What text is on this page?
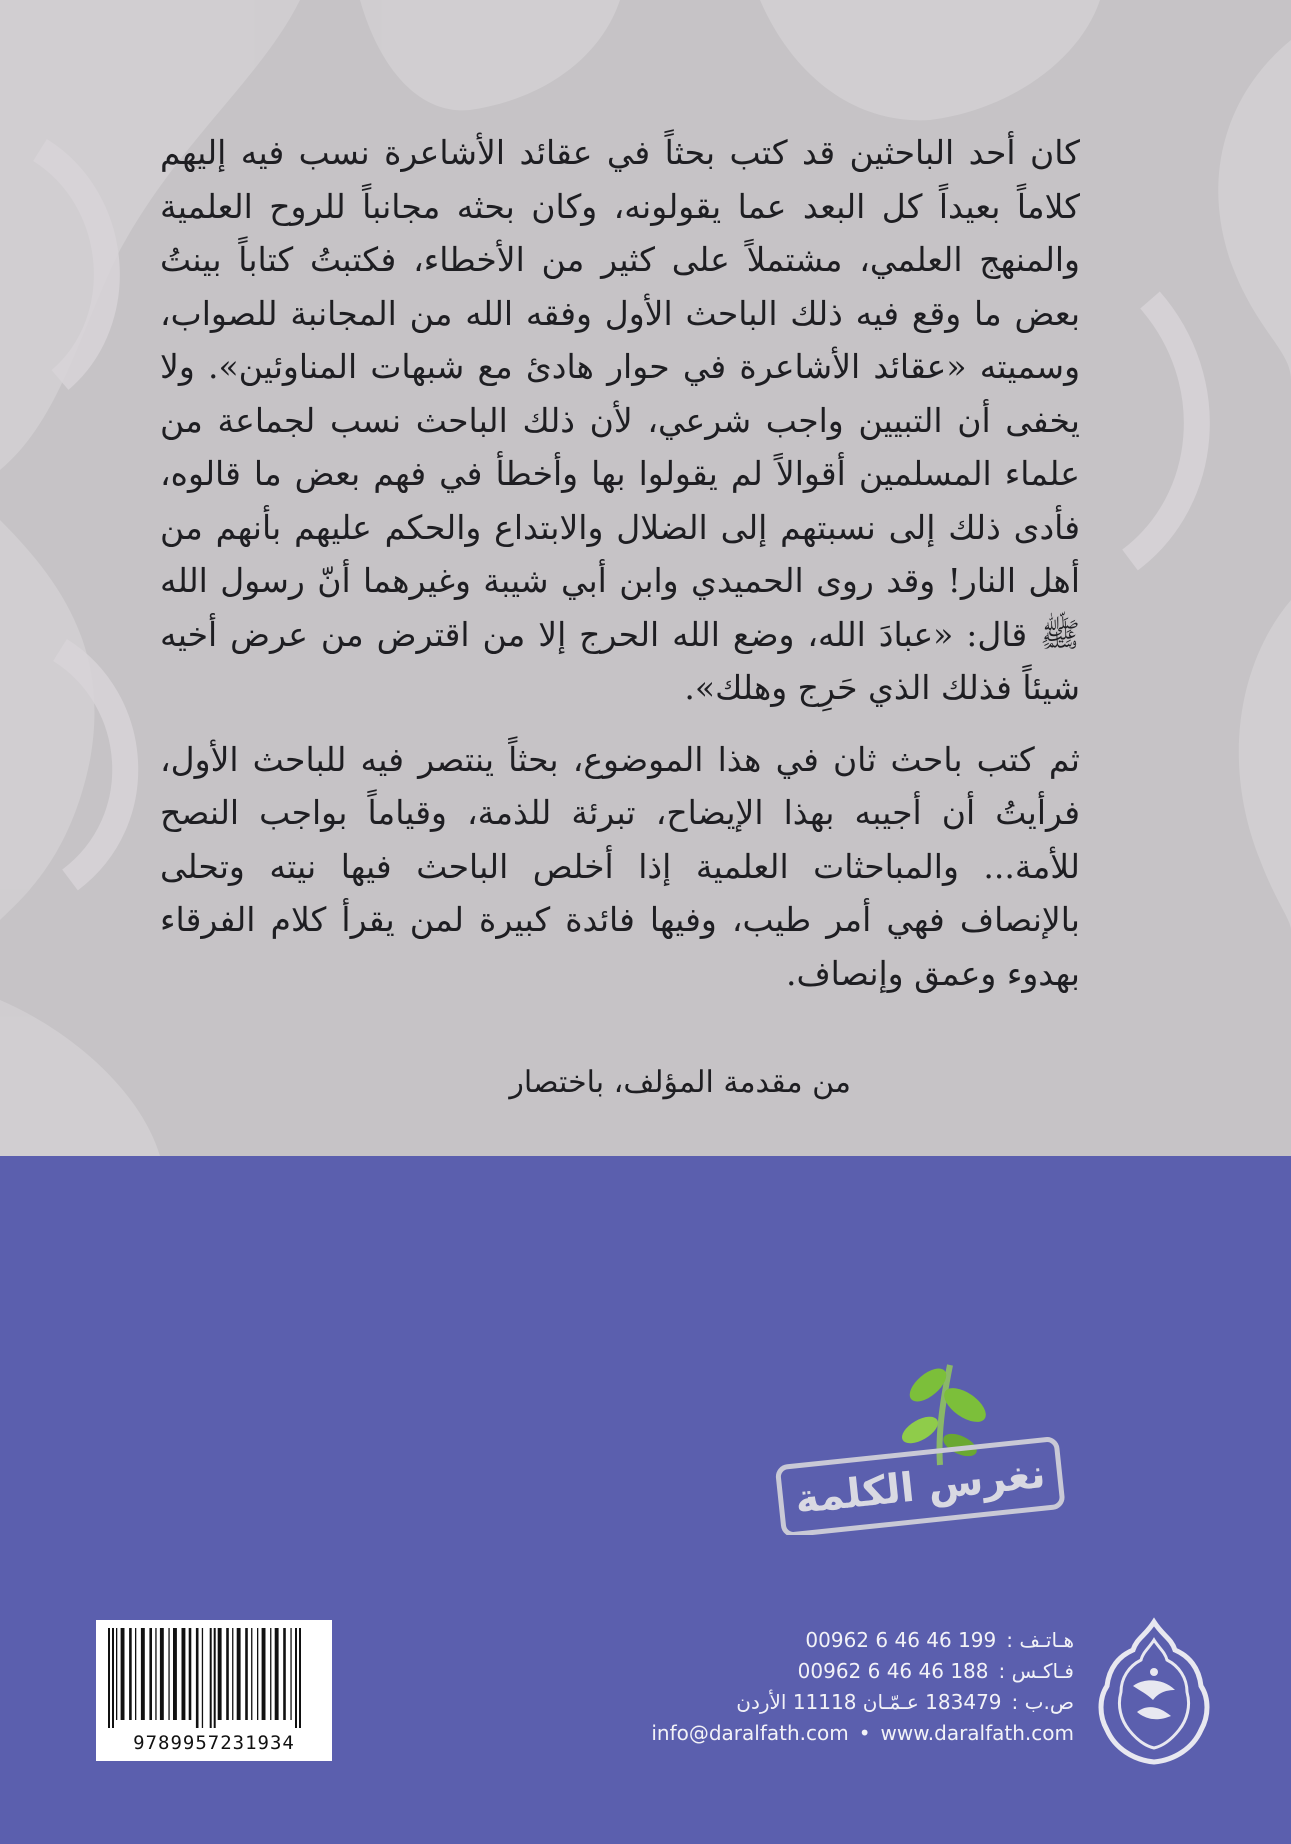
كان أحد الباحثين قد كتب بحثاً في عقائد الأشاعرة نسب فيه إليهم كلاماً بعيداً كل البعد عما يقولونه، وكان بحثه مجانباً للروح العلمية والمنهج العلمي، مشتملاً على كثير من الأخطاء، فكتبتُ كتاباً بينتُ بعض ما وقع فيه ذلك الباحث الأول وفقه الله من المجانبة للصواب، وسميته «عقائد الأشاعرة في حوار هادئ مع شبهات المناوئين». ولا يخفى أن التبيين واجب شرعي، لأن ذلك الباحث نسب لجماعة من علماء المسلمين أقوالاً لم يقولوا بها وأخطأ في فهم بعض ما قالوه، فأدى ذلك إلى نسبتهم إلى الضلال والابتداع والحكم عليهم بأنهم من أهل النار! وقد روى الحميدي وابن أبي شيبة وغيرهما أنّ رسول الله ﷺ قال: «عبادَ الله، وضع الله الحرج إلا من اقترض من عرض أخيه شيئاً فذلك الذي حَرِج وهلك».

ثم كتب باحث ثان في هذا الموضوع، بحثاً ينتصر فيه للباحث الأول، فرأيتُ أن أجيبه بهذا الإيضاح، تبرئة للذمة، وقياماً بواجب النصح للأمة... والمباحثات العلمية إذا أخلص الباحث فيها نيته وتحلى بالإنصاف فهي أمر طيب، وفيها فائدة كبيرة لمن يقرأ كلام الفرقاء بهدوء وعمق وإنصاف.

من مقدمة المؤلف، باختصار
نغرس الكلمة
9789957231934
00962 6 46 46 199 هـاتـف :
00962 6 46 46 188 فـاكـس :
183479 عـمّـان 11118 الأردن ص.ب :
info@daralfath.com • www.daralfath.com
